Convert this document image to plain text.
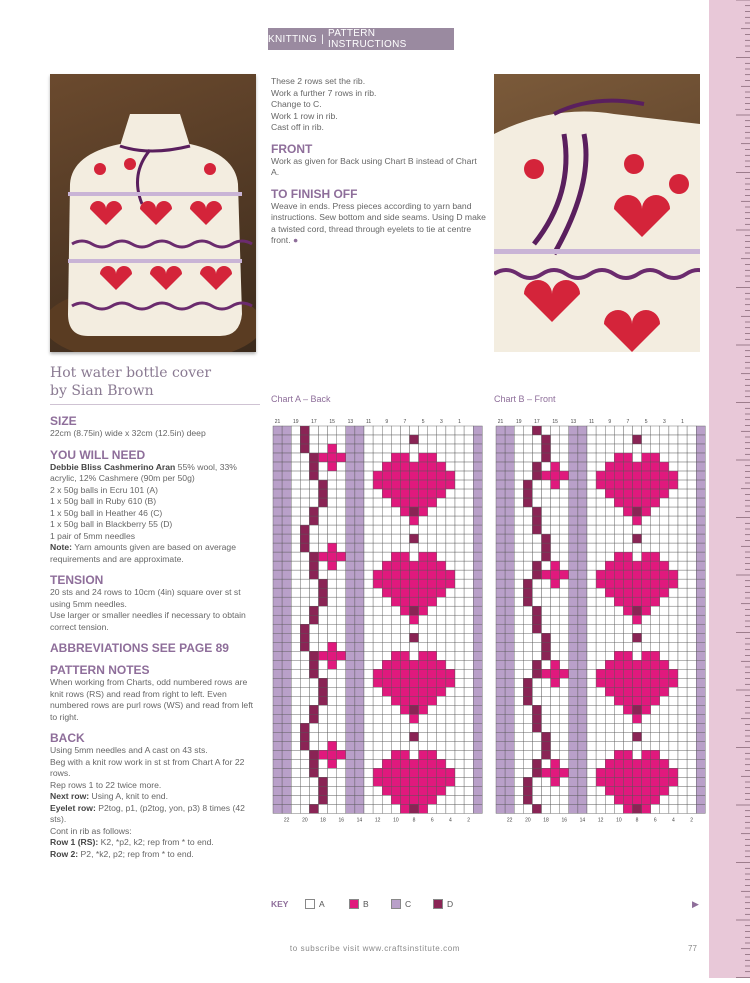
KNITTING | PATTERN INSTRUCTIONS
Hot water bottle cover
by Sian Brown
SIZE
22cm (8.75in) wide x 32cm (12.5in) deep
YOU WILL NEED
Debbie Bliss Cashmerino Aran 55% wool, 33% acrylic, 12% Cashmere (90m per 50g)
2 x 50g balls in Ecru 101 (A)
1 x 50g ball in Ruby 610 (B)
1 x 50g ball in Heather 46 (C)
1 x 50g ball in Blackberry 55 (D)
1 pair of 5mm needles
Note: Yarn amounts given are based on average requirements and are approximate.
TENSION
20 sts and 24 rows to 10cm (4in) square over st st using 5mm needles.
Use larger or smaller needles if necessary to obtain correct tension.
ABBREVIATIONS SEE PAGE 89
PATTERN NOTES
When working from Charts, odd numbered rows are knit rows (RS) and read from right to left. Even numbered rows are purl rows (WS) and read from left to right.
BACK
Using 5mm needles and A cast on 43 sts.
Beg with a knit row work in st st from Chart A for 22 rows.
Rep rows 1 to 22 twice more.
Next row: Using A, knit to end.
Eyelet row: P2tog, p1, (p2tog, yon, p3) 8 times (42 sts).
Cont in rib as follows:
Row 1 (RS): K2, *p2, k2; rep from * to end.
Row 2: P2, *k2, p2; rep from * to end.
These 2 rows set the rib.
Work a further 7 rows in rib.
Change to C.
Work 1 row in rib.
Cast off in rib.
FRONT
Work as given for Back using Chart B instead of Chart A.
TO FINISH OFF
Weave in ends. Press pieces according to yarn band instructions. Sew bottom and side seams. Using D make a twisted cord, thread through eyelets to tie at centre front. ●
Chart A – Back	Chart B – Front
21	19	17	15	13	11	9	7	5	3	1
22	20	18	16	14	12	10	8	6	4	2
21	19	17	15	13	11	9	7	5	3	1
22	20	18	16	14	12	10	8	6	4	2
KEY	A	B	C	D	▶
to subscribe visit www.craftsinstitute.com	77
